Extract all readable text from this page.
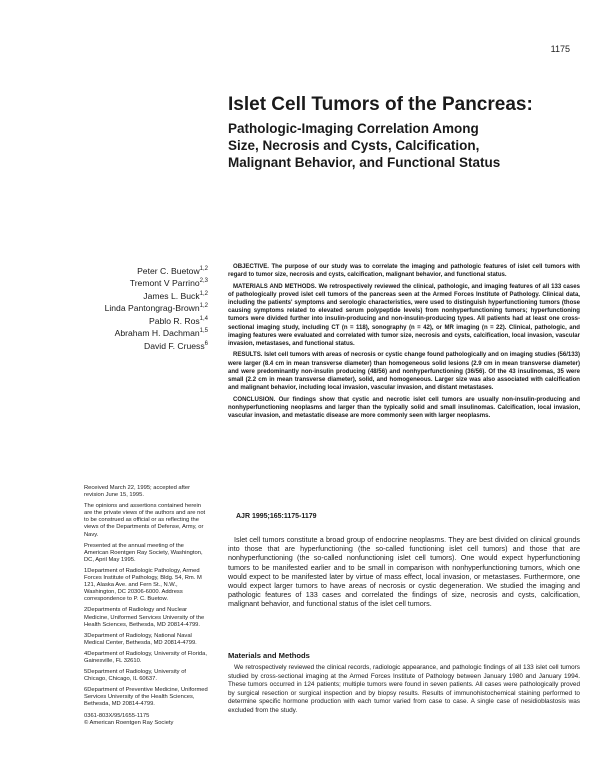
1175
Islet Cell Tumors of the Pancreas:
Pathologic-Imaging Correlation Among
Size, Necrosis and Cysts, Calcification,
Malignant Behavior, and Functional Status
Peter C. Buetow$^{1,2}$
Tremont V Parrino$^{2,3}$
James L. Buck$^{1,2}$
Linda Pantongrag-Brown$^{1,2}$
Pablo R. Ros$^{1,4}$
Abraham H. Dachman$^{1,5}$
David F. Cruess$^6$

OBJECTIVE. The purpose of our study was to correlate the imaging and pathologic features of islet cell tumors with regard to tumor size, necrosis and cysts, calcification, malignant behavior, and functional status.

MATERIALS AND METHODS. We retrospectively reviewed the clinical, pathologic, and imaging features of all 133 cases of pathologically proved islet cell tumors of the pancreas seen at the Armed Forces Institute of Pathology. Clinical data, including the patients' symptoms and serologic characteristics, were used to distinguish hyperfunctioning tumors (those causing symptoms related to elevated serum polypeptide levels) from nonhyperfunctioning tumors; hyperfunctioning tumors were divided further into insulin-producing and non-insulin-producing types. All patients had at least one cross-sectional imaging study, including CT (n = 118), sonography (n = 42), or MR imaging (n = 22). Clinical, pathologic, and imaging features were evaluated and correlated with tumor size, necrosis and cysts, calcification, local invasion, vascular invasion, metastases, and functional status.

RESULTS. Islet cell tumors with areas of necrosis or cystic change found pathologically and on imaging studies (56/133) were larger (8.4 cm in mean transverse diameter) than homogeneous solid lesions (2.9 cm in mean transverse diameter) and were predominantly non-insulin producing (48/56) and nonhyperfunctioning (36/56). Of the 43 insulinomas, 35 were small (2.2 cm in mean transverse diameter), solid, and homogeneous. Larger size was also associated with calcification and malignant behavior, including local invasion, vascular invasion, and distant metastases.

CONCLUSION. Our findings show that cystic and necrotic islet cell tumors are usually non-insulin-producing and nonhyperfunctioning neoplasms and larger than the typically solid and small insulinomas. Calcification, local invasion, vascular invasion, and metastatic disease are more commonly seen with larger neoplasms.

AJR 1995;165:1175-1179

Islet cell tumors constitute a broad group of endocrine neoplasms. They are best divided on clinical grounds into those that are hyperfunctioning (the so-called functioning islet cell tumors) and those that are nonhyperfunctioning (the so-called nonfunctioning islet cell tumors). One would expect hyperfunctioning tumors to be manifested earlier and to be small in comparison with nonhyperfunctioning tumors, which one would expect to be manifested later by virtue of mass effect, local invasion, or metastases. Furthermore, one would expect larger tumors to have areas of necrosis or cystic degeneration. We studied the imaging and pathologic features of 133 cases and correlated the findings of size, necrosis and cysts, calcification, malignant behavior, and functional status of the islet cell tumors.

Materials and Methods

We retrospectively reviewed the clinical records, radiologic appearance, and pathologic findings of all 133 islet cell tumors studied by cross-sectional imaging at the Armed Forces Institute of Pathology between January 1980 and January 1994. These tumors occurred in 124 patients; multiple tumors were found in seven patients. All cases were pathologically proved by surgical resection or surgical inspection and by biopsy results. Results of immunohistochemical staining performed to determine specific hormone production with each tumor varied from case to case. A single case of nesidioblastosis was excluded from the study.

Received March 22, 1995; accepted after revision June 15, 1995.

The opinions and assertions contained herein are the private views of the authors and are not to be construed as official or as reflecting the views of the Departments of Defense, Army, or Navy.

Presented at the annual meeting of the American Roentgen Ray Society, Washington, DC, April May 1995.

1Department of Radiologic Pathology, Armed Forces Institute of Pathology, Bldg. 54, Rm. M 121, Alaska Ave. and Fern St., N.W., Washington, DC 20306-6000. Address correspondence to P. C. Buetow.

2Departments of Radiology and Nuclear Medicine, Uniformed Services University of the Health Sciences, Bethesda, MD 20814-4799.

3Department of Radiology, National Naval Medical Center, Bethesda, MD 20814-4799.

4Department of Radiology, University of Florida, Gainesville, FL 32610.

5Department of Radiology, University of Chicago, Chicago, IL 60637.

6Department of Preventive Medicine, Uniformed Services University of the Health Sciences, Bethesda, MD 20814-4799.

0361-803X/95/1655-1175

© American Roentgen Ray Society
